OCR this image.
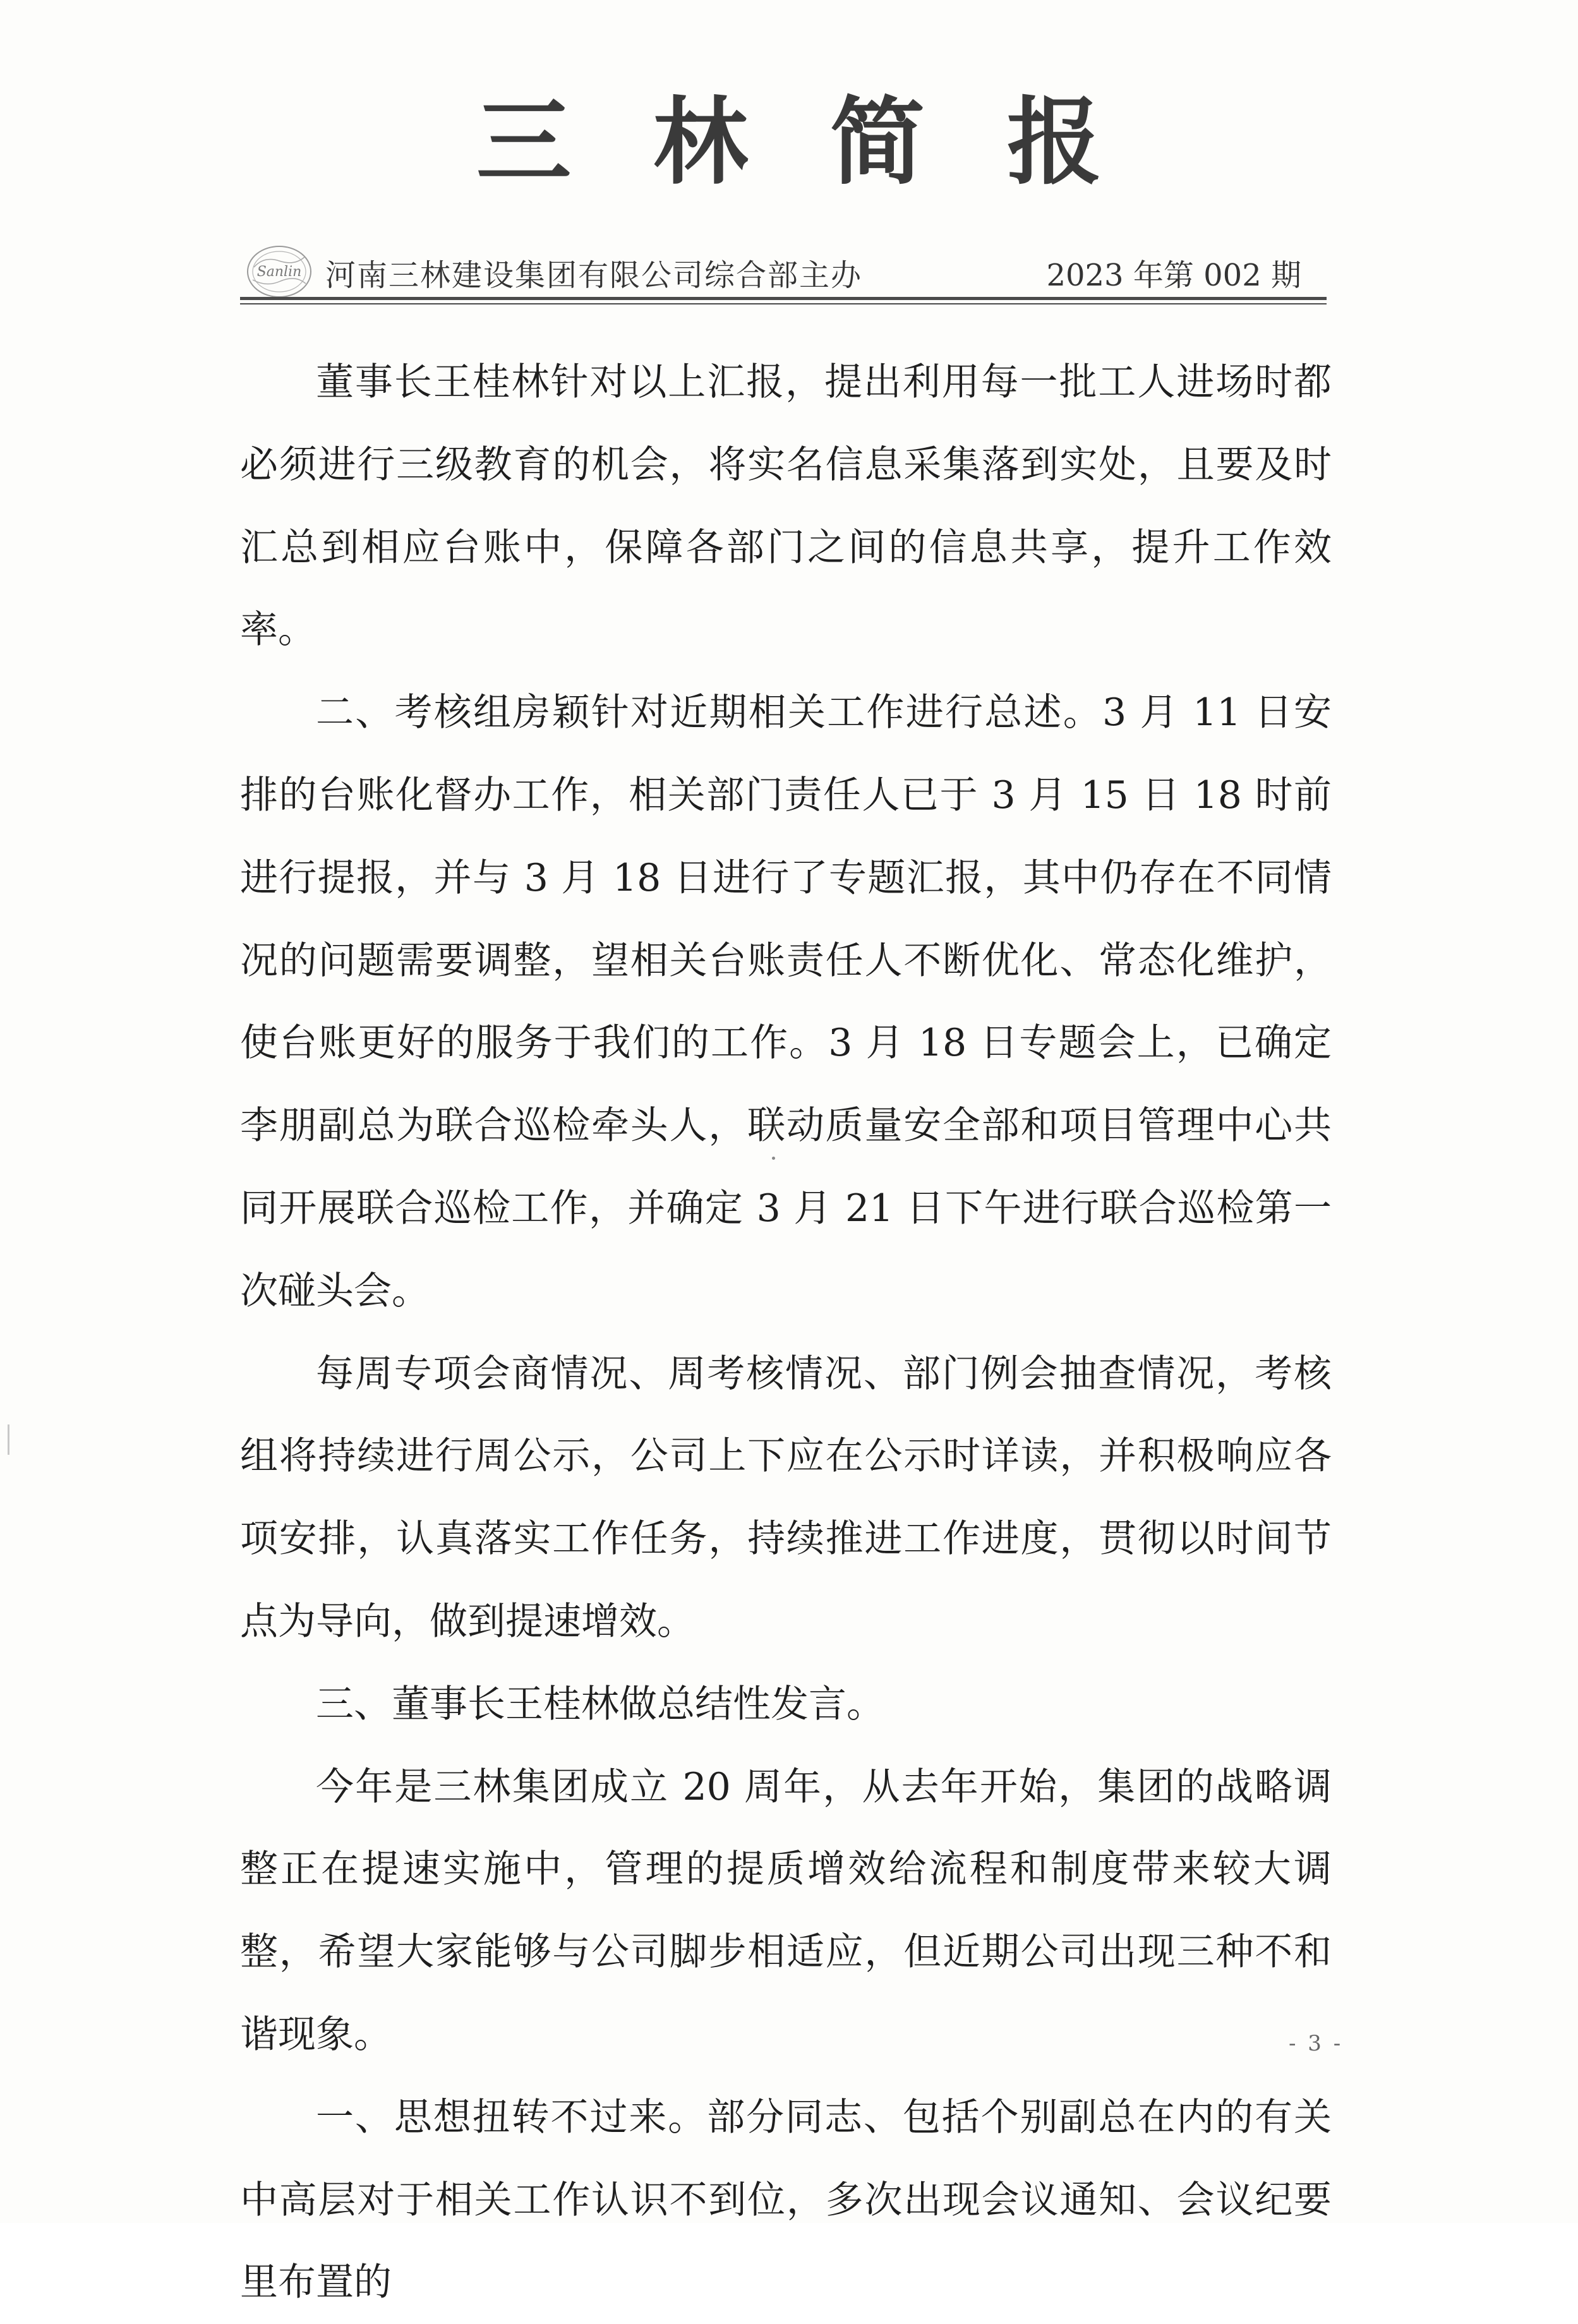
三林简报
Sanlin 河南三林建设集团有限公司综合部主办	2023 年第 002 期

董事长王桂林针对以上汇报，提出利用每一批工人进场时都必须进行三级教育的机会，将实名信息采集落到实处，且要及时汇总到相应台账中，保障各部门之间的信息共享，提升工作效率。

二、考核组房颖针对近期相关工作进行总述。3 月 11 日安排的台账化督办工作，相关部门责任人已于 3 月 15 日 18 时前进行提报，并与 3 月 18 日进行了专题汇报，其中仍存在不同情况的问题需要调整，望相关台账责任人不断优化、常态化维护，使台账更好的服务于我们的工作。3 月 18 日专题会上，已确定李朋副总为联合巡检牵头人，联动质量安全部和项目管理中心共同开展联合巡检工作，并确定 3 月 21 日下午进行联合巡检第一次碰头会。

每周专项会商情况、周考核情况、部门例会抽查情况，考核组将持续进行周公示，公司上下应在公示时详读，并积极响应各项安排，认真落实工作任务，持续推进工作进度，贯彻以时间节点为导向，做到提速增效。

三、董事长王桂林做总结性发言。

今年是三林集团成立 20 周年，从去年开始，集团的战略调整正在提速实施中，管理的提质增效给流程和制度带来较大调整，希望大家能够与公司脚步相适应，但近期公司出现三种不和谐现象。

一、思想扭转不过来。部分同志、包括个别副总在内的有关中高层对于相关工作认识不到位，多次出现会议通知、会议纪要里布置的

- 3 -
